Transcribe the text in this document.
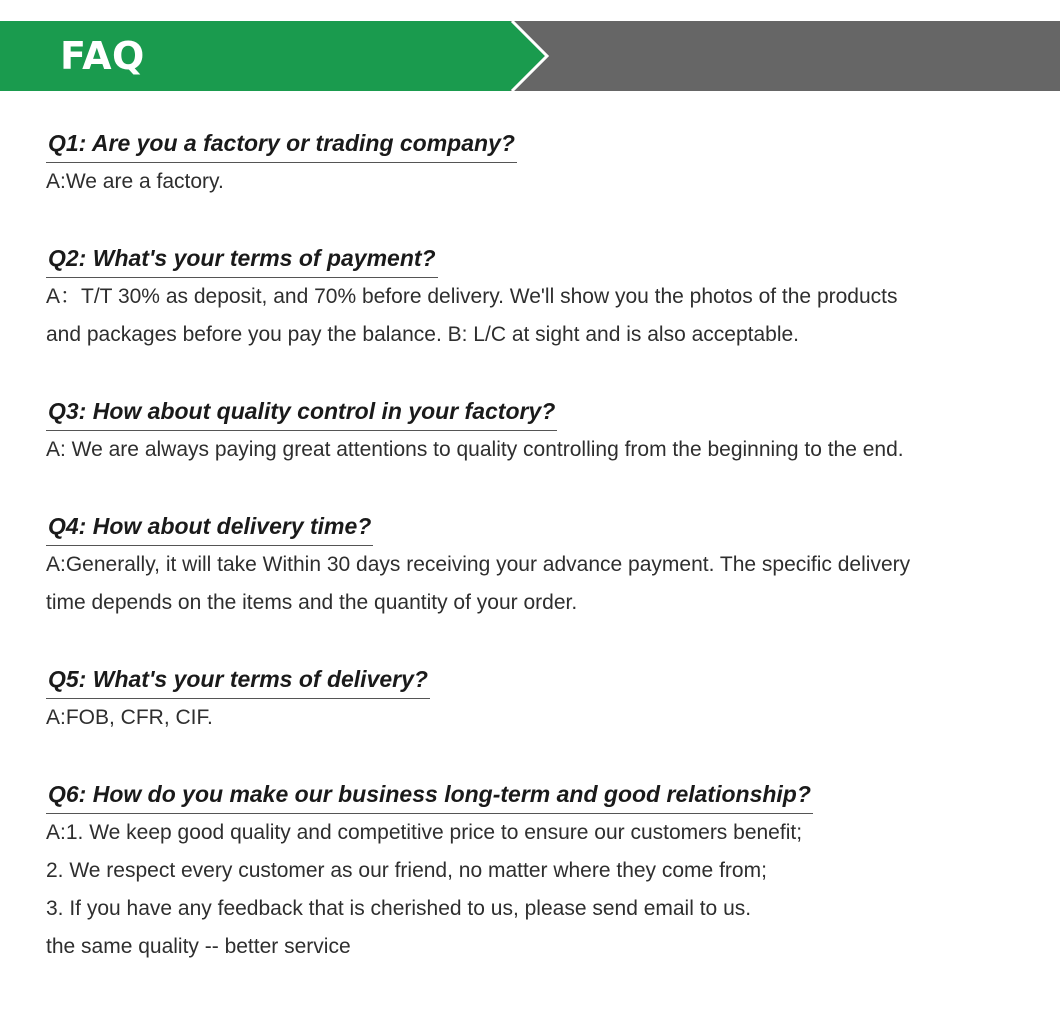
FAQ
Q1: Are you a factory or trading company?
A:We are a factory.
Q2: What's your terms of payment?
A：T/T 30% as deposit, and 70% before delivery. We'll show you the photos of the products
and packages before you pay the balance. B: L/C at sight and is also acceptable.
Q3: How about quality control in your factory?
A: We are always paying great attentions to quality controlling from the beginning to the end.
Q4: How about delivery time?
A:Generally, it will take Within 30 days receiving your advance payment. The specific delivery
time depends on the items and the quantity of your order.
Q5: What's your terms of delivery?
A:FOB, CFR, CIF.
Q6: How do you make our business long-term and good relationship?
A:1. We keep good quality and competitive price to ensure our customers benefit;
2. We respect every customer as our friend, no matter where they come from;
3. If you have any feedback that is cherished to us, please send email to us.
the same quality -- better service
